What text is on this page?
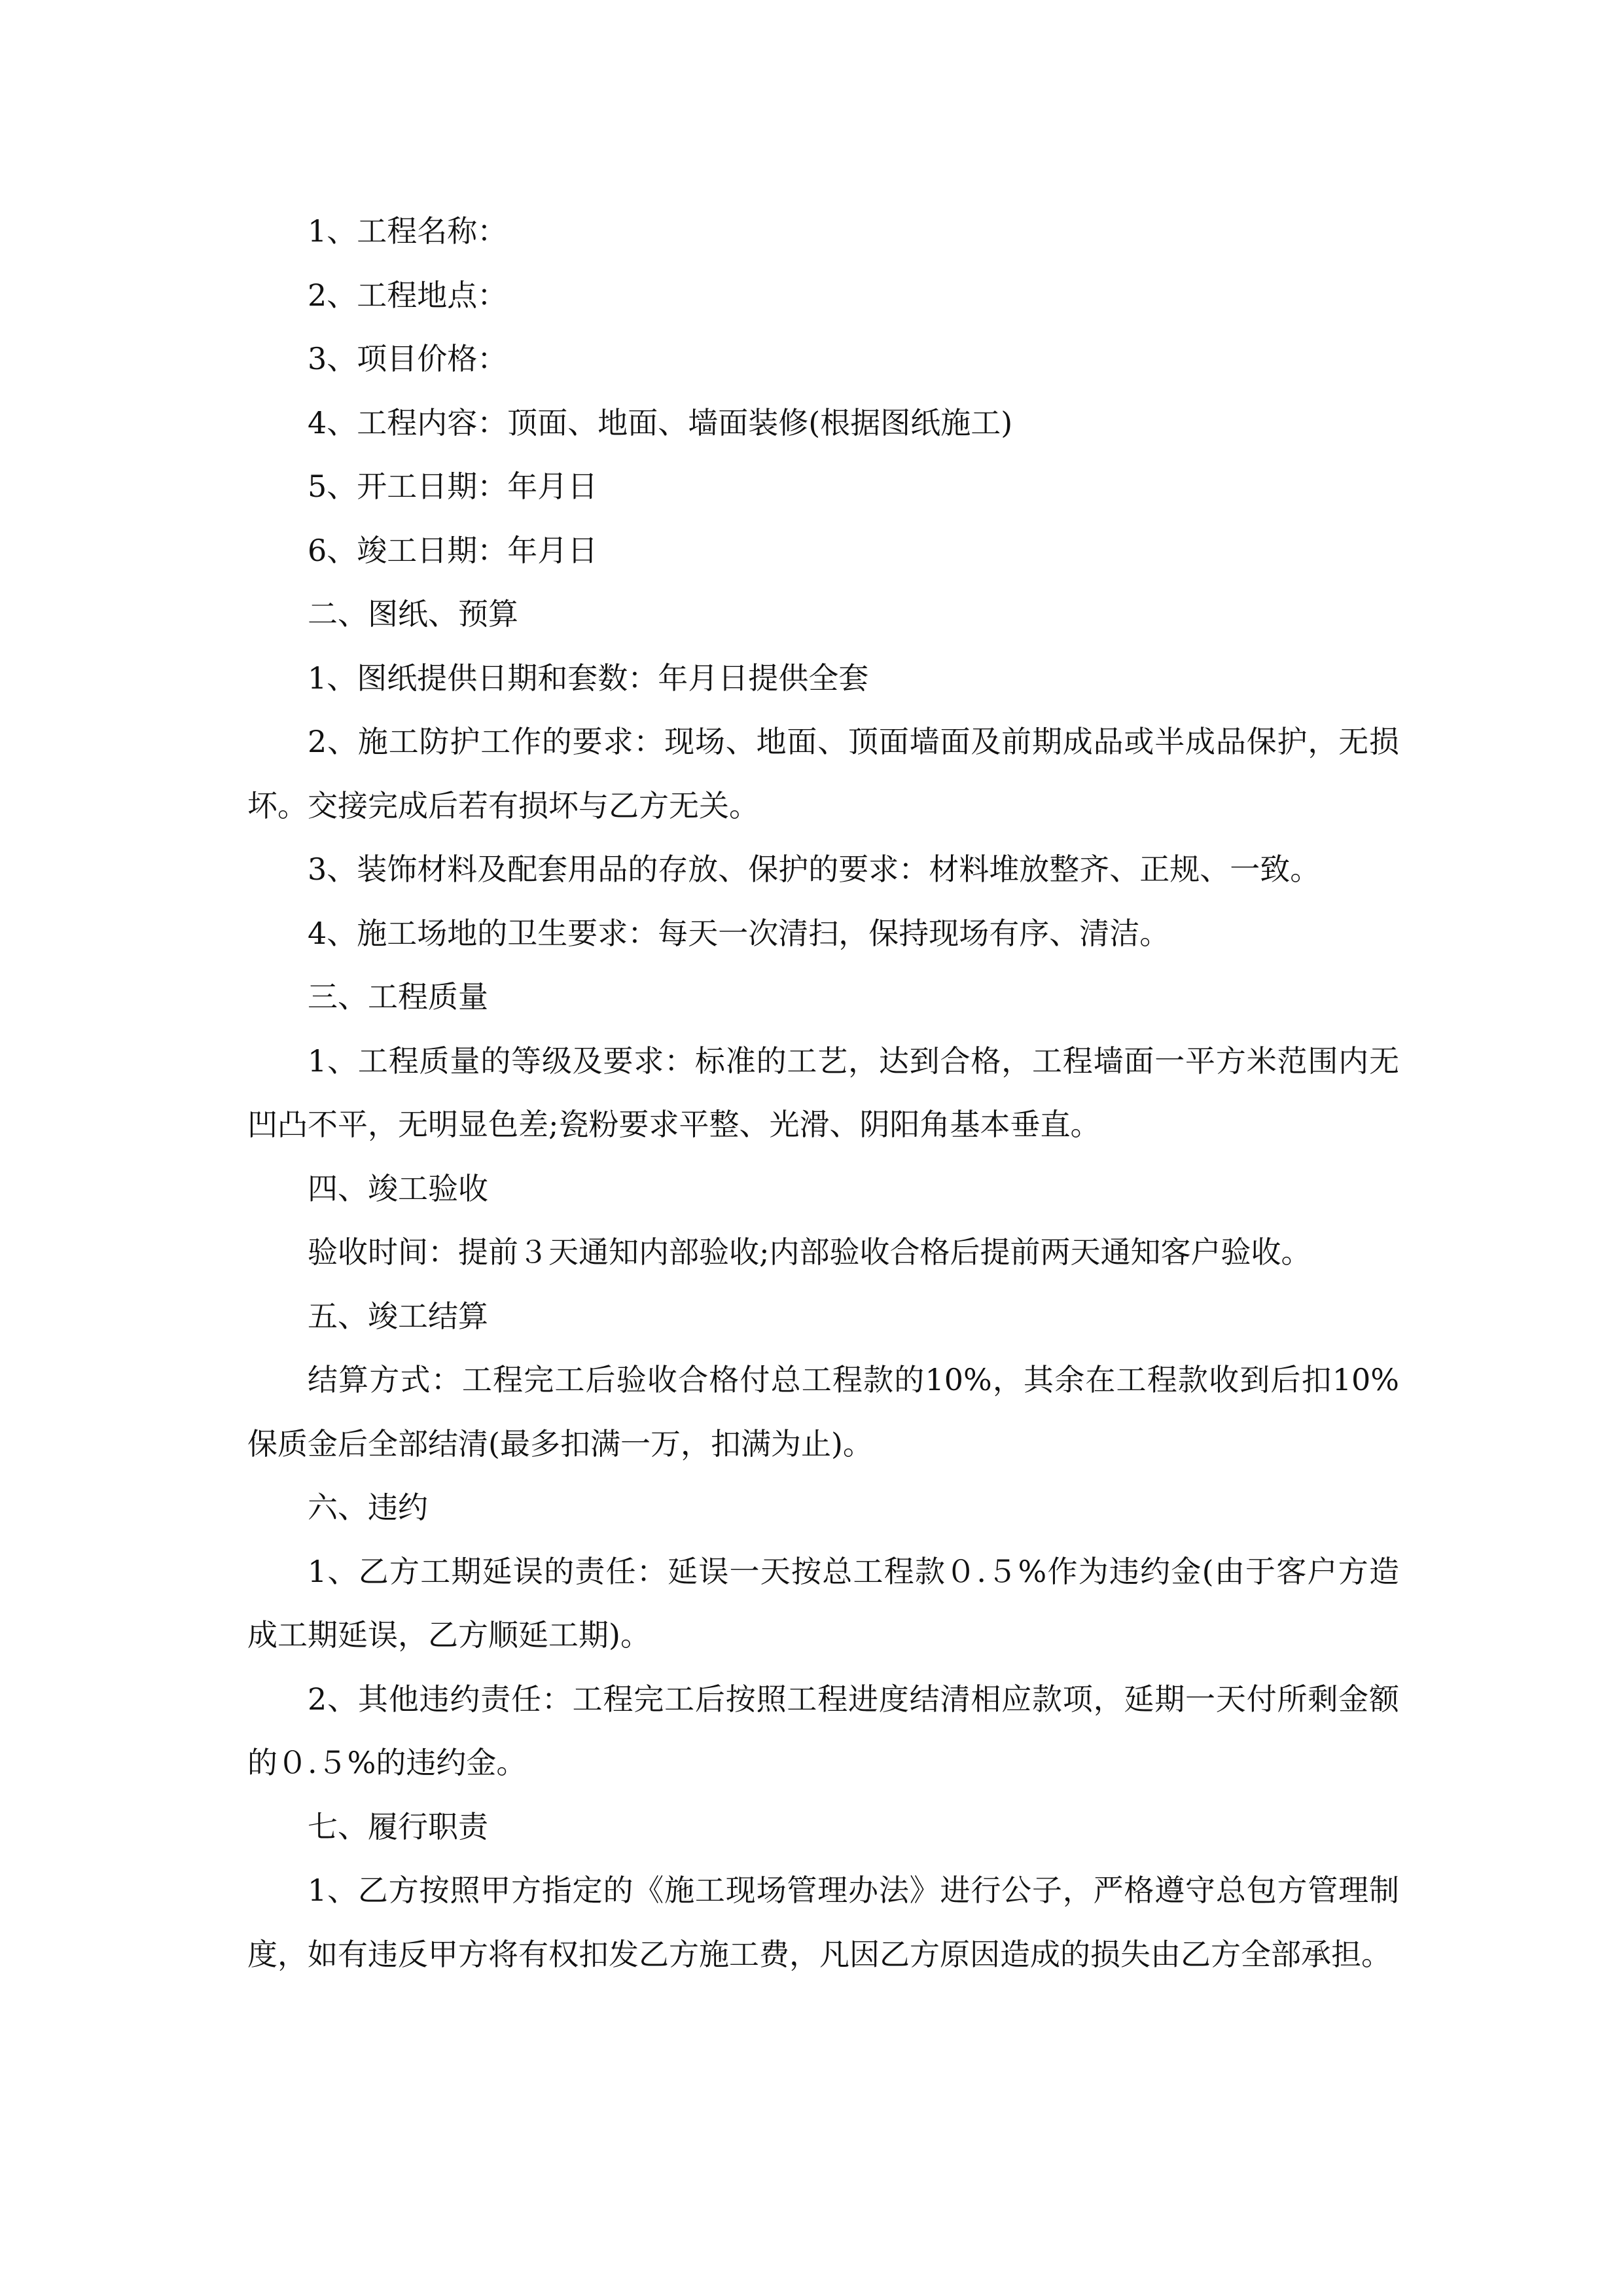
1、工程名称：

2、工程地点：

3、项目价格：

4、工程内容：顶面、地面、墙面装修(根据图纸施工)

5、开工日期：年月日

6、竣工日期：年月日

二、图纸、预算

1、图纸提供日期和套数：年月日提供全套

2、施工防护工作的要求：现场、地面、顶面墙面及前期成品或半成品保护，无损坏。交接完成后若有损坏与乙方无关。

3、装饰材料及配套用品的存放、保护的要求：材料堆放整齐、正规、一致。

4、施工场地的卫生要求：每天一次清扫，保持现场有序、清洁。

三、工程质量

1、工程质量的等级及要求：标准的工艺，达到合格，工程墙面一平方米范围内无凹凸不平，无明显色差;瓷粉要求平整、光滑、阴阳角基本垂直。

四、竣工验收

验收时间：提前３天通知内部验收;内部验收合格后提前两天通知客户验收。

五、竣工结算

结算方式：工程完工后验收合格付总工程款的10%，其余在工程款收到后扣10%保质金后全部结清(最多扣满一万，扣满为止)。

六、违约

1、乙方工期延误的责任：延误一天按总工程款０.５%作为违约金(由于客户方造成工期延误，乙方顺延工期)。

2、其他违约责任：工程完工后按照工程进度结清相应款项，延期一天付所剩金额的０.５%的违约金。

七、履行职责

1、乙方按照甲方指定的《施工现场管理办法》进行公子，严格遵守总包方管理制度，如有违反甲方将有权扣发乙方施工费，凡因乙方原因造成的损失由乙方全部承担。
